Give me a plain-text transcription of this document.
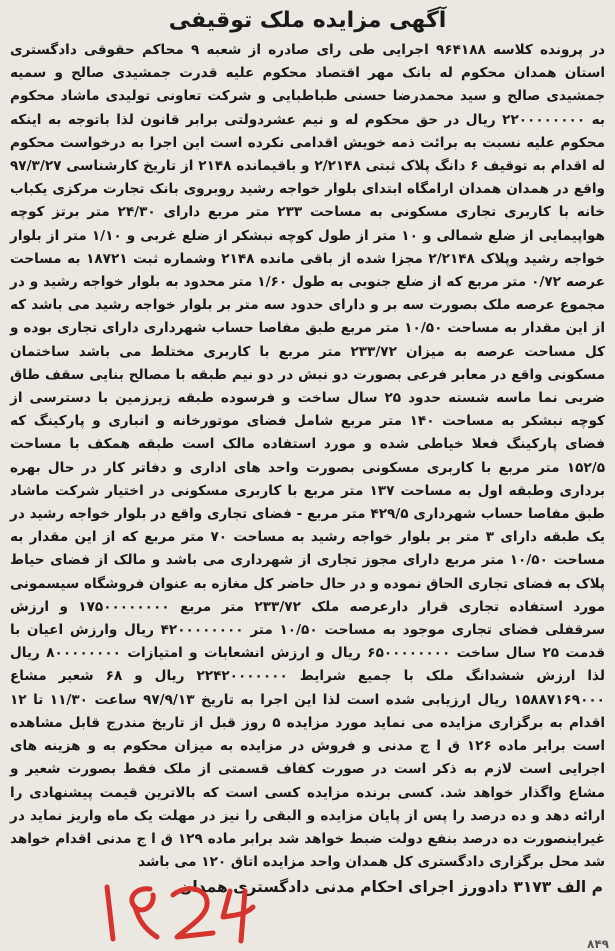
آگهی مزایده ملک توقیفی

در پرونده کلاسه ۹۶۴۱۸۸ اجرایی طی رای صادره از شعبه ۹ محاکم حقوقی دادگستری استان همدان محکوم له بانک مهر اقتصاد محکوم علیه قدرت جمشیدی صالح و سمیه جمشیدی صالح و سید محمدرضا حسنی طباطبایی و شرکت تعاونی تولیدی ماشاد محکوم به ۲۲۰۰۰۰۰۰۰۰ ریال در حق محکوم له و نیم عشردولتی برابر قانون لذا باتوجه به اینکه محکوم علیه نسبت به برائت ذمه خویش اقدامی نکرده است این اجرا به درخواست محکوم له اقدام به توقیف ۶ دانگ پلاک ثبتی ۲/۲۱۴۸ و باقیمانده ۲۱۴۸ از تاریخ کارشناسی ۹۷/۳/۲۷ واقع در همدان همدان ارامگاه ابتدای بلوار خواجه رشید روبروی بانک تجارت مرکزی یکباب خانه با کاربری تجاری مسکونی به مساحت ۲۳۳ متر مربع دارای ۲۴/۳۰ متر برتز کوچه هواپیمایی از ضلع شمالی و ۱۰ متر از طول کوچه نبشکر از ضلع غربی و ۱/۱۰ متر از بلوار خواجه رشید وپلاک ۲/۲۱۴۸ مجزا شده از باقی مانده ۲۱۴۸ وشماره ثبت ۱۸۷۲۱ به مساحت عرصه ۰/۷۲ متر مربع که از ضلع جنوبی به طول ۱/۶۰ متر محدود به بلوار خواجه رشید و در مجموع عرصه ملک بصورت سه بر و دارای حدود سه متر بر بلوار خواجه رشید می باشد که از این مقدار به مساحت ۱۰/۵۰ متر مربع طبق مفاصا حساب شهرداری دارای تجاری بوده و کل مساحت عرصه به میزان ۲۳۳/۷۲ متر مربع با کاربری مختلط می باشد ساختمان مسکونی واقع در معابر فرعی بصورت دو نبش در دو نیم طبقه با مصالح بنایی سقف طاق ضربی نما ماسه شسته حدود ۲۵ سال ساخت و فرسوده طبقه زیرزمین با دسترسی از کوچه نبشکر به مساحت ۱۴۰ متر مربع شامل فضای موتورخانه و انباری و پارکینگ که فضای پارکینگ فعلا خیاطی شده و مورد استفاده مالک است طبقه همکف با مساحت ۱۵۲/۵ متر مربع با کاربری مسکونی بصورت واحد های اداری و دفاتر کار در حال بهره برداری وطبقه اول به مساحت ۱۳۷ متر مربع با کاربری مسکونی در اختیار شرکت ماشاد طبق مفاصا حساب شهرداری ۴۲۹/۵ متر مربع - فضای تجاری واقع در بلوار خواجه رشید در یک طبقه دارای ۳ متر بر بلوار خواجه رشید به مساحت ۷۰ متر مربع که از این مقدار به مساحت ۱۰/۵۰ متر مربع دارای مجوز تجاری از شهرداری می باشد و مالک از فضای حیاط پلاک به فضای تجاری الحاق نموده و در حال حاضر کل مغازه به عنوان فروشگاه سیسمونی مورد استفاده تجاری قرار دارعرصه ملک ۲۳۳/۷۲ متر مربع ۱۷۵۰۰۰۰۰۰۰۰ و ارزش سرقفلی فضای تجاری موجود به مساحت ۱۰/۵۰ متر ۴۲۰۰۰۰۰۰۰۰ ریال وارزش اعیان با قدمت ۲۵ سال ساخت ۶۵۰۰۰۰۰۰۰۰ ریال و ارزش انشعابات و امتیازات ۸۰۰۰۰۰۰۰۰ ریال لذا ارزش ششدانگ ملک با جمیع شرایط ۲۲۴۲۰۰۰۰۰۰۰ ریال و ۶۸ شعیر مشاع ۱۵۸۸۷۱۶۹۰۰۰ ریال ارزیابی شده است لذا این اجرا به تاریخ ۹۷/۹/۱۳ ساعت ۱۱/۳۰ تا ۱۲ اقدام به برگزاری مزایده می نماید مورد مزایده ۵ روز قبل از تاریخ مندرج قابل مشاهده است برابر ماده ۱۲۶ ق ا ج مدنی و فروش در مزایده به میزان محکوم به و هزینه های اجرایی است لازم به ذکر است در صورت کفاف قسمتی از ملک فقط بصورت شعیر و مشاع واگذار خواهد شد. کسی برنده مزایده کسی است که بالاترین قیمت پیشنهادی را ارائه دهد و ده درصد را پس از پایان مزایده و البقی را نیز در مهلت یک ماه واریز نماید در غیراینصورت ده درصد بنفع دولت ضبط خواهد شد برابر ماده ۱۲۹ ق ا ج مدنی اقدام خواهد شد محل برگزاری دادگستری کل همدان واحد مزایده اتاق ۱۲۰ می باشد

م الف ۳۱۷۳ دادورز اجرای احکام مدنی دادگستری همدان
۸۴۹
